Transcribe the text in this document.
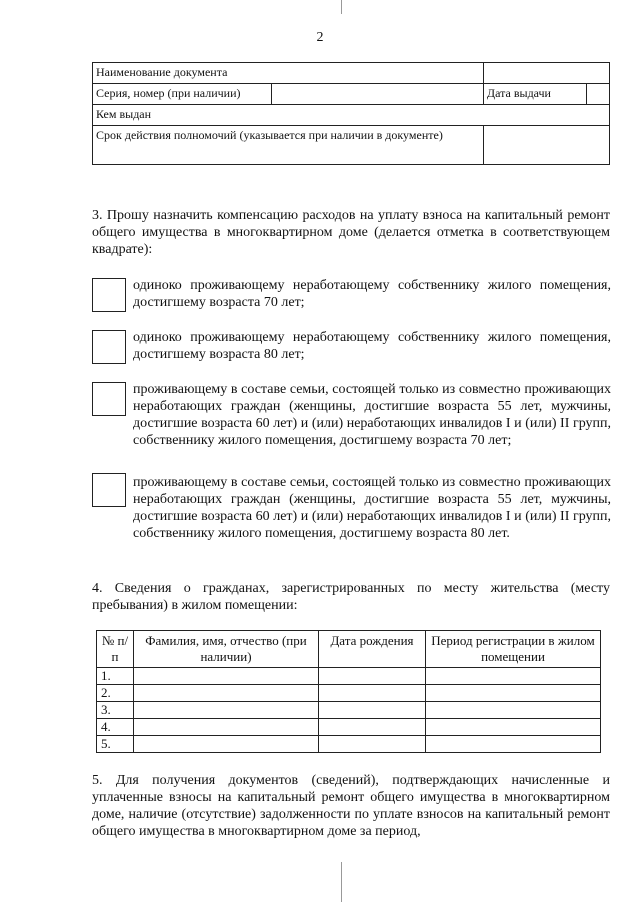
2
Наименование документа		
Серия, номер (при наличии)		Дата выдачи

Кем выдан		
Срок действия полномочий (указывается при наличии в документе)		
3. Прошу назначить компенсацию расходов на уплату взноса на капитальный ремонт общего имущества в многоквартирном доме (делается отметка в соответствующем квадрате):
одиноко проживающему неработающему собственнику жилого помещения, достигшему возраста 70 лет;
одиноко проживающему неработающему собственнику жилого помещения, достигшему возраста 80 лет;
проживающему в составе семьи, состоящей только из совместно проживающих неработающих граждан (женщины, достигшие возраста 55 лет, мужчины, достигшие возраста 60 лет) и (или) неработающих инвалидов I и (или) II групп, собственнику жилого помещения, достигшему возраста 70 лет;
проживающему в составе семьи, состоящей только из совместно проживающих неработающих граждан (женщины, достигшие возраста 55 лет, мужчины, достигшие возраста 60 лет) и (или) неработающих инвалидов I и (или) II групп, собственнику жилого помещения, достигшему возраста 80 лет.
4. Сведения о гражданах, зарегистрированных по месту жительства (месту пребывания) в жилом помещении:
№ п/п	Фамилия, имя, отчество (при наличии)	Дата рождения	Период регистрации в жилом помещении
1.			
2.			
3.			
4.			
5.			
5. Для получения документов (сведений), подтверждающих начисленные и уплаченные взносы на капитальный ремонт общего имущества в многоквартирном доме, наличие (отсутствие) задолженности по уплате взносов на капитальный ремонт общего имущества в многоквартирном доме за период,
